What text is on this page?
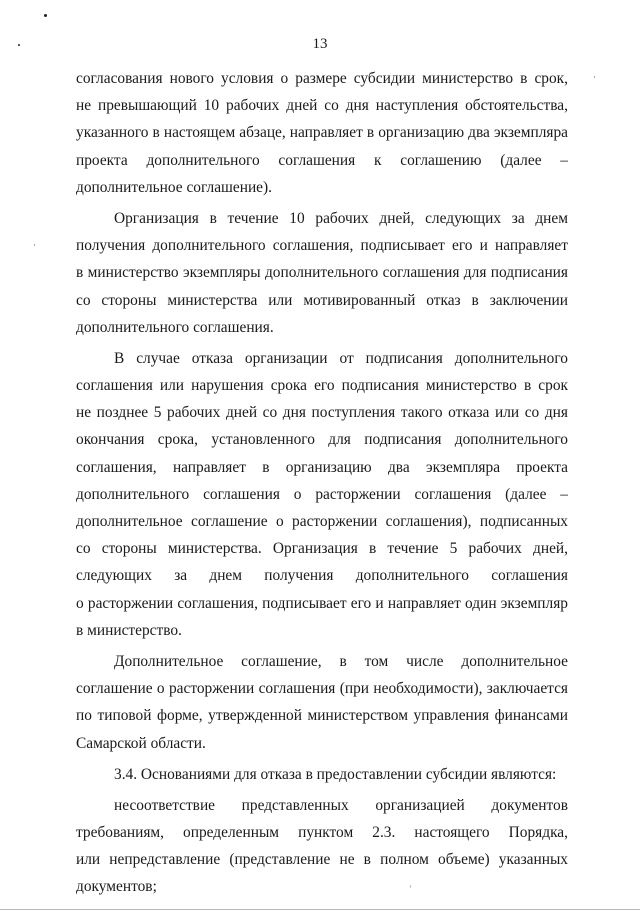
13
согласования нового условия о размере субсидии министерство в срок,
не превышающий 10 рабочих дней со дня наступления обстоятельства,
указанного в настоящем абзаце, направляет в организацию два экземпляра
проекта дополнительного соглашения к соглашению (далее –
дополнительное соглашение).
Организация в течение 10 рабочих дней, следующих за днем
получения дополнительного соглашения, подписывает его и направляет
в министерство экземпляры дополнительного соглашения для подписания
со стороны министерства или мотивированный отказ в заключении
дополнительного соглашения.
В случае отказа организации от подписания дополнительного
соглашения или нарушения срока его подписания министерство в срок
не позднее 5 рабочих дней со дня поступления такого отказа или со дня
окончания срока, установленного для подписания дополнительного
соглашения, направляет в организацию два экземпляра проекта
дополнительного соглашения о расторжении соглашения (далее –
дополнительное соглашение о расторжении соглашения), подписанных
со стороны министерства. Организация в течение 5 рабочих дней,
следующих за днем получения дополнительного соглашения
о расторжении соглашения, подписывает его и направляет один экземпляр
в министерство.
Дополнительное соглашение, в том числе дополнительное
соглашение о расторжении соглашения (при необходимости), заключается
по типовой форме, утвержденной министерством управления финансами
Самарской области.
3.4. Основаниями для отказа в предоставлении субсидии являются:
несоответствие представленных организацией документов
требованиям, определенным пунктом 2.3. настоящего Порядка,
или непредставление (представление не в полном объеме) указанных
документов;
